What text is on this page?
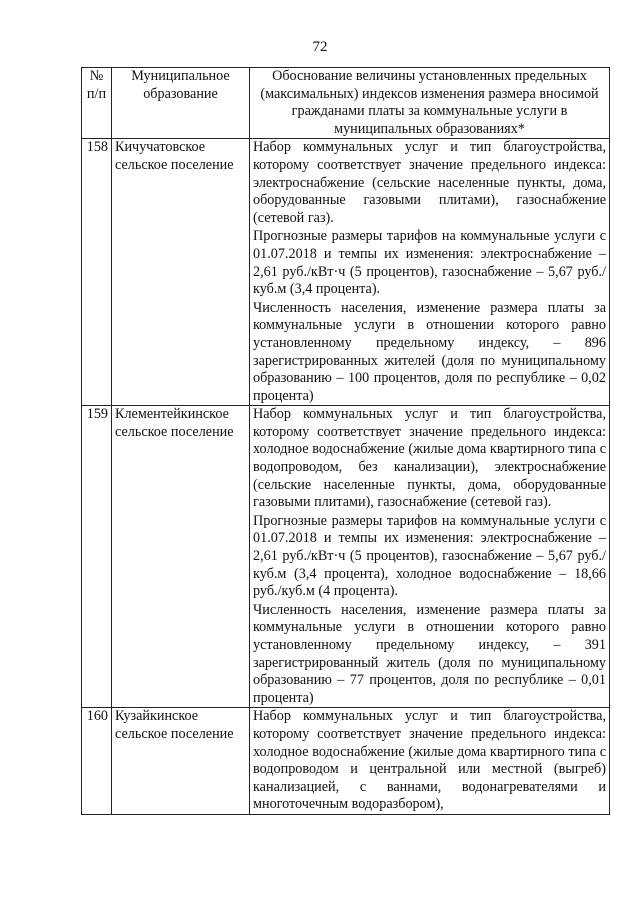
72
№ п/п	Муниципальное образование	Обоснование величины установленных предельных (максимальных) индексов изменения размера вносимой гражданами платы за коммунальные услуги в муниципальных образованиях*
158	Кичучатовское сельское поселение	Набор коммунальных услуг и тип благоустройства, которому соответствует значение предельного индекса: электроснабжение (сельские населенные пункты, дома, оборудованные газовыми плитами), газоснабжение (сетевой газ).

Прогнозные размеры тарифов на коммунальные услуги с 01.07.2018 и темпы их изменения: электроснабжение – 2,61 руб./кВт·ч (5 процентов), газоснабжение – 5,67 руб./куб.м (3,4 процента).

Численность населения, изменение размера платы за коммунальные услуги в отношении которого равно установленному предельному индексу, – 896 зарегистрированных жителей (доля по муниципальному образованию – 100 процентов, доля по республике – 0,02 процента)

159	Клементейкинское сельское поселение	Набор коммунальных услуг и тип благоустройства, которому соответствует значение предельного индекса: холодное водоснабжение (жилые дома квартирного типа с водопроводом, без канализации), электроснабжение (сельские населенные пункты, дома, оборудованные газовыми плитами), газоснабжение (сетевой газ).

Прогнозные размеры тарифов на коммунальные услуги с 01.07.2018 и темпы их изменения: электроснабжение – 2,61 руб./кВт·ч (5 процентов), газоснабжение – 5,67 руб./куб.м (3,4 процента), холодное водоснабжение – 18,66 руб./куб.м (4 процента).

Численность населения, изменение размера платы за коммунальные услуги в отношении которого равно установленному предельному индексу, – 391 зарегистрированный житель (доля по муниципальному образованию – 77 процентов, доля по республике – 0,01 процента)

160	Кузайкинское сельское поселение	Набор коммунальных услуг и тип благоустройства, которому соответствует значение предельного индекса: холодное водоснабжение (жилые дома квартирного типа с водопроводом и центральной или местной (выгреб) канализацией, с ваннами, водонагревателями и многоточечным водоразбором),
